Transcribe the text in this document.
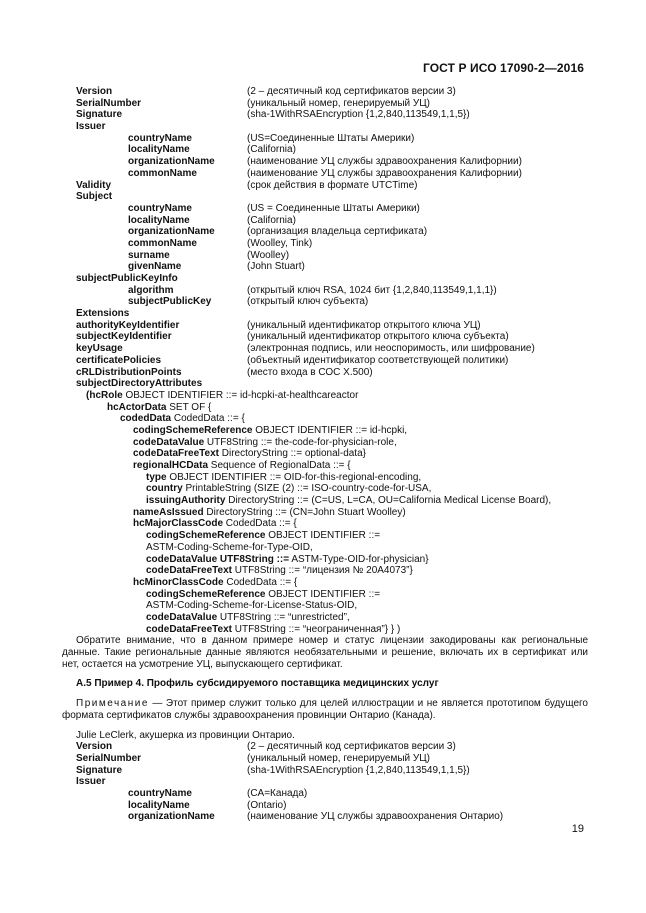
ГОСТ Р ИСО 17090-2—2016
Version	(2 – десятичный код сертификатов версии 3)
SerialNumber	(уникальный номер, генерируемый УЦ)
Signature	(sha-1WithRSAEncryption {1,2,840,113549,1,1,5})
Issuer
countryName	(US=Соединенные Штаты Америки)
localityName	(California)
organizationName	(наименование УЦ службы здравоохранения Калифорнии)
commonName	(наименование УЦ службы здравоохранения Калифорнии)
Validity	(срок действия в формате UTCTime)
Subject
countryName	(US = Соединенные Штаты Америки)
localityName	(California)
organizationName	(организация владельца сертификата)
commonName	(Woolley, Tink)
surname	(Woolley)
givenName	(John Stuart)
subjectPublicKeyInfo
algorithm	(открытый ключ RSA, 1024 бит {1,2,840,113549,1,1,1})
subjectPublicKey	(открытый ключ субъекта)
Extensions
authorityKeyIdentifier	(уникальный идентификатор открытого ключа УЦ)
subjectKeyIdentifier	(уникальный идентификатор открытого ключа субъекта)
keyUsage	(электронная подпись, или неоспоримость, или шифрование)
certificatePolicies	(объектный идентификатор соответствующей политики)
cRLDistributionPoints	(место входа в СОС X.500)
subjectDirectoryAttributes
(hcRole OBJECT IDENTIFIER ::= id-hcpki-at-healthcareactor
hcActorData SET OF {
codedData CodedData ::= {
codingSchemeReference OBJECT IDENTIFIER ::= id-hcpki,
codeDataValue UTF8String ::= the-code-for-physician-role,
codeDataFreeText DirectoryString ::= optional-data}
regionalHCData Sequence of RegionalData ::= {
type OBJECT IDENTIFIER ::= OID-for-this-regional-encoding,
country PrintableString (SIZE (2) ::= ISO-country-code-for-USA,
issuingAuthority DirectoryString ::= (C=US, L=CA, OU=California Medical License Board),
nameAsIssued DirectoryString ::= (CN=John Stuart Woolley)
hcMajorClassCode CodedData ::= {
codingSchemeReference OBJECT IDENTIFIER ::=
ASTM-Coding-Scheme-for-Type-OID,
codeDataValue UTF8String ::= ASTM-Type-OID-for-physician}
codeDataFreeText UTF8String ::= “лицензия № 20A4073”}
hcMinorClassCode CodedData ::= {
codingSchemeReference OBJECT IDENTIFIER ::=
ASTM-Coding-Scheme-for-License-Status-OID,
codeDataValue UTF8String ::= “unrestricted”,
codeDataFreeText UTF8String ::= “неограниченная”} } )
Обратите внимание, что в данном примере номер и статус лицензии закодированы как региональные данные. Такие региональные данные являются необязательными и решение, включать их в сертификат или нет, остается на усмотрение УЦ, выпускающего сертификат.
А.5 Пример 4. Профиль субсидируемого поставщика медицинских услуг
Примечание — Этот пример служит только для целей иллюстрации и не является прототипом будущего формата сертификатов службы здравоохранения провинции Онтарио (Канада).
Julie LeClerk, акушерка из провинции Онтарио.
Version	(2 – десятичный код сертификатов версии 3)
SerialNumber	(уникальный номер, генерируемый УЦ)
Signature	(sha-1WithRSAEncryption {1,2,840,113549,1,1,5})
Issuer
countryName	(CA=Канада)
localityName	(Ontario)
organizationName	(наименование УЦ службы здравоохранения Онтарио)
19
